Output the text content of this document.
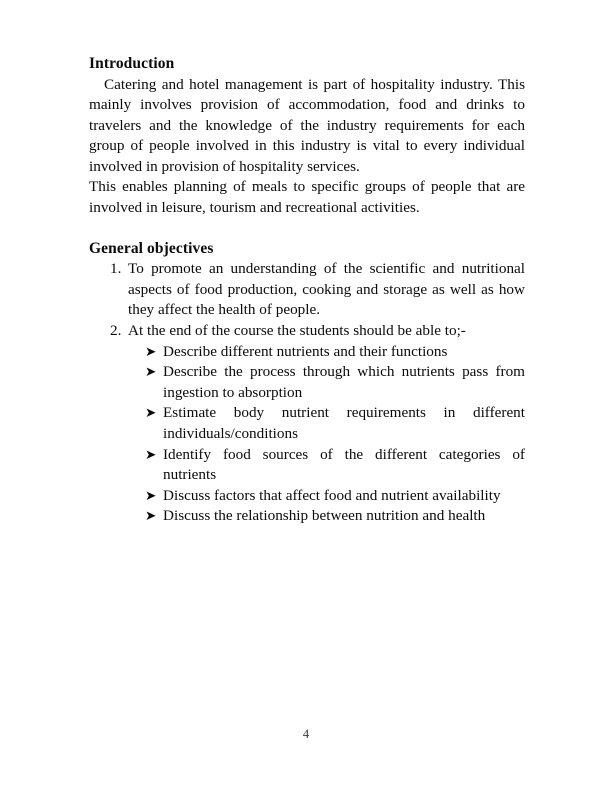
Introduction

Catering and hotel management is part of hospitality industry. This mainly involves provision of accommodation, food and drinks to travelers and the knowledge of the industry requirements for each group of people involved in this industry is vital to every individual involved in provision of hospitality services.

This enables planning of meals to specific groups of people that are involved in leisure, tourism and recreational activities.

General objectives
1. To promote an understanding of the scientific and nutritional aspects of food production, cooking and storage as well as how they affect the health of people.
2. At the end of the course the students should be able to;-
➤ Describe different nutrients and their functions
➤ Describe the process through which nutrients pass from ingestion to absorption
➤ Estimate body nutrient requirements in different individuals/conditions
➤ Identify food sources of the different categories of nutrients
➤ Discuss factors that affect food and nutrient availability
➤ Discuss the relationship between nutrition and health
4
